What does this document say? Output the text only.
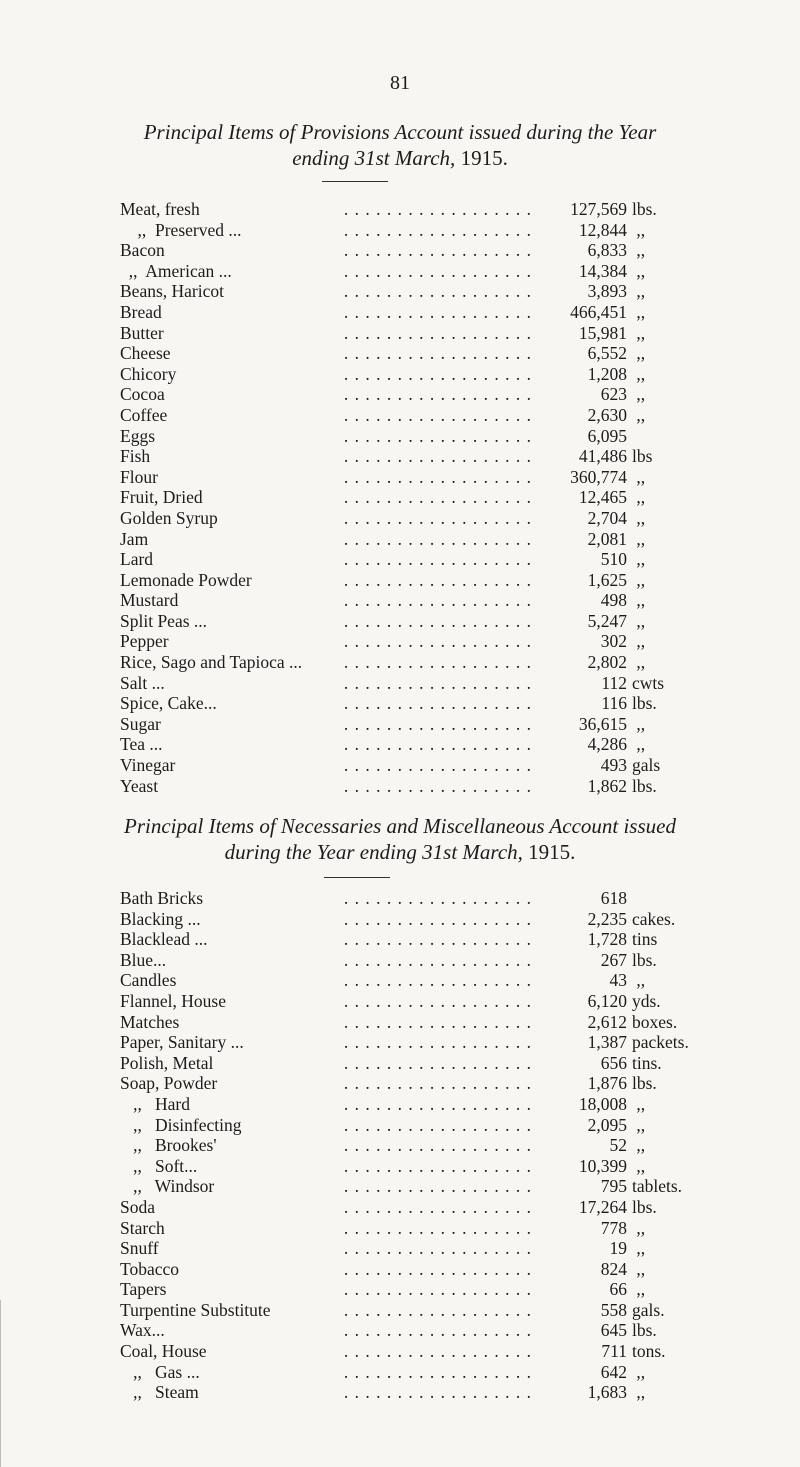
81
Principal Items of Provisions Account issued during the Year
ending 31st March, 1915.
. . . . . . . . . . . . . . . . . .
Meat, fresh	127,569 lbs.
. . . . . . . . . . . . . . . . . .
,,  Preserved ...	12,844 ,,
. . . . . . . . . . . . . . . . . .
Bacon	6,833 ,,
. . . . . . . . . . . . . . . . . .
,,  American ...	14,384 ,,
. . . . . . . . . . . . . . . . . .
Beans, Haricot	3,893 ,,
. . . . . . . . . . . . . . . . . .
Bread	466,451 ,,
. . . . . . . . . . . . . . . . . .
Butter	15,981 ,,
. . . . . . . . . . . . . . . . . .
Cheese	6,552 ,,
. . . . . . . . . . . . . . . . . .
Chicory	1,208 ,,
. . . . . . . . . . . . . . . . . .
Cocoa	623 ,,
. . . . . . . . . . . . . . . . . .
Coffee	2,630 ,,
. . . . . . . . . . . . . . . . . .
Eggs	6,095
. . . . . . . . . . . . . . . . . .
Fish	41,486 lbs
. . . . . . . . . . . . . . . . . .
Flour	360,774 ,,
. . . . . . . . . . . . . . . . . .
Fruit, Dried	12,465 ,,
. . . . . . . . . . . . . . . . . .
Golden Syrup	2,704 ,,
. . . . . . . . . . . . . . . . . .
Jam	2,081 ,,
. . . . . . . . . . . . . . . . . .
Lard	510 ,,
. . . . . . . . . . . . . . . . . .
Lemonade Powder	1,625 ,,
. . . . . . . . . . . . . . . . . .
Mustard	498 ,,
. . . . . . . . . . . . . . . . . .
Split Peas ...	5,247 ,,
. . . . . . . . . . . . . . . . . .
Pepper	302 ,,
. . . . . . . . . . . . . . . . . .
Rice, Sago and Tapioca ...	2,802 ,,
. . . . . . . . . . . . . . . . . .
Salt ...	112 cwts
. . . . . . . . . . . . . . . . . .
Spice, Cake...	116 lbs.
. . . . . . . . . . . . . . . . . .
Sugar	36,615 ,,
. . . . . . . . . . . . . . . . . .
Tea ...	4,286 ,,
. . . . . . . . . . . . . . . . . .
Vinegar	493 gals
. . . . . . . . . . . . . . . . . .
Yeast	1,862 lbs.
Principal Items of Necessaries and Miscellaneous Account issued
during the Year ending 31st March, 1915.
. . . . . . . . . . . . . . . . . .
Bath Bricks	618
. . . . . . . . . . . . . . . . . .
Blacking ...	2,235 cakes.
. . . . . . . . . . . . . . . . . .
Blacklead ...	1,728 tins
. . . . . . . . . . . . . . . . . .
Blue...	267 lbs.
. . . . . . . . . . . . . . . . . .
Candles	43 ,,
. . . . . . . . . . . . . . . . . .
Flannel, House	6,120 yds.
. . . . . . . . . . . . . . . . . .
Matches	2,612 boxes.
. . . . . . . . . . . . . . . . . .
Paper, Sanitary ...	1,387 packets.
. . . . . . . . . . . . . . . . . .
Polish, Metal	656 tins.
. . . . . . . . . . . . . . . . . .
Soap, Powder	1,876 lbs.
. . . . . . . . . . . . . . . . . .
,,   Hard	18,008 ,,
. . . . . . . . . . . . . . . . . .
,,   Disinfecting	2,095 ,,
. . . . . . . . . . . . . . . . . .
,,   Brookes'	52 ,,
. . . . . . . . . . . . . . . . . .
,,   Soft...	10,399 ,,
. . . . . . . . . . . . . . . . . .
,,   Windsor	795 tablets.
. . . . . . . . . . . . . . . . . .
Soda	17,264 lbs.
. . . . . . . . . . . . . . . . . .
Starch	778 ,,
. . . . . . . . . . . . . . . . . .
Snuff	19 ,,
. . . . . . . . . . . . . . . . . .
Tobacco	824 ,,
. . . . . . . . . . . . . . . . . .
Tapers	66 ,,
. . . . . . . . . . . . . . . . . .
Turpentine Substitute	558 gals.
. . . . . . . . . . . . . . . . . .
Wax...	645 lbs.
. . . . . . . . . . . . . . . . . .
Coal, House	711 tons.
. . . . . . . . . . . . . . . . . .
,,   Gas ...	642 ,,
. . . . . . . . . . . . . . . . . .
,,   Steam	1,683 ,,
